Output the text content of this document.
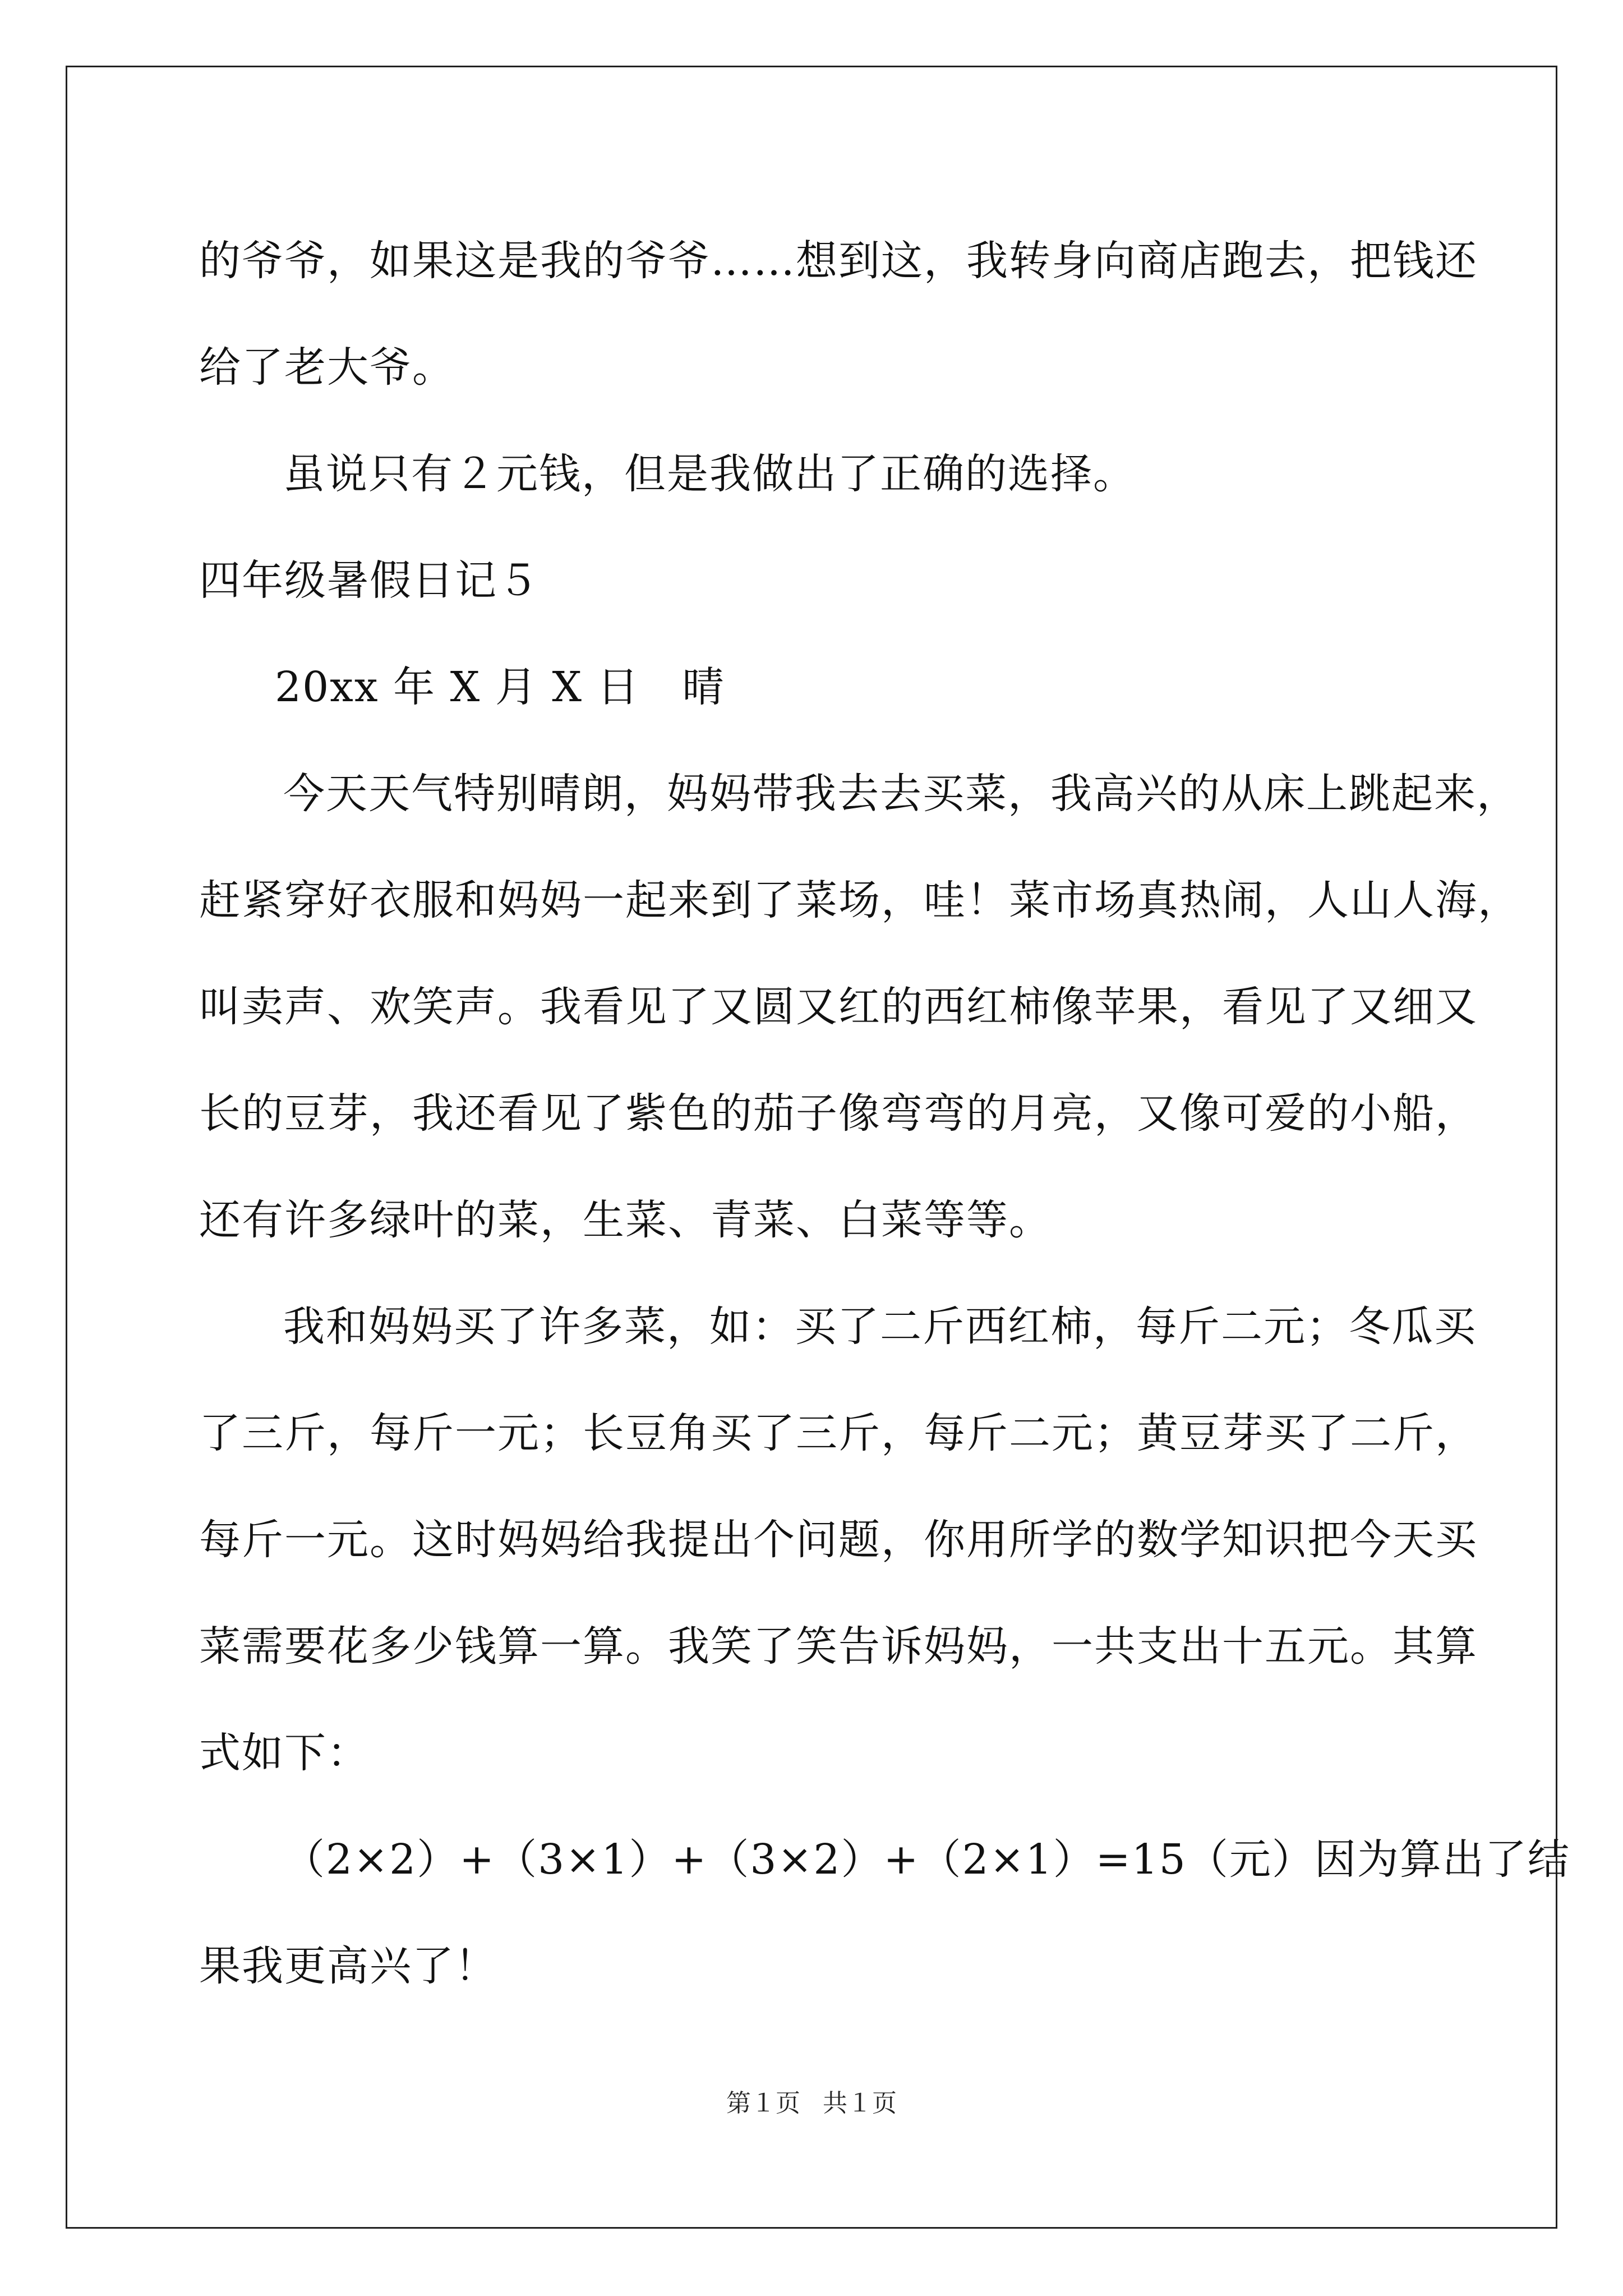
的爷爷，如果这是我的爷爷……想到这，我转身向商店跑去，把钱还
给了老大爷。
虽说只有２元钱，但是我做出了正确的选择。
四年级暑假日记５
20xx 年 X 月 X 日　晴
今天天气特别晴朗，妈妈带我去去买菜，我高兴的从床上跳起来，
赶紧穿好衣服和妈妈一起来到了菜场，哇！菜市场真热闹，人山人海，
叫卖声、欢笑声。我看见了又圆又红的西红柿像苹果，看见了又细又
长的豆芽，我还看见了紫色的茄子像弯弯的月亮，又像可爱的小船，
还有许多绿叶的菜，生菜、青菜、白菜等等。
我和妈妈买了许多菜，如：买了二斤西红柿，每斤二元；冬瓜买
了三斤，每斤一元；长豆角买了三斤，每斤二元；黄豆芽买了二斤，
每斤一元。这时妈妈给我提出个问题，你用所学的数学知识把今天买
菜需要花多少钱算一算。我笑了笑告诉妈妈，一共支出十五元。其算
式如下：
（2×2）+（3×1）+（3×2）+（2×1）=15（元）因为算出了结
果我更高兴了！
第１页 共１页
